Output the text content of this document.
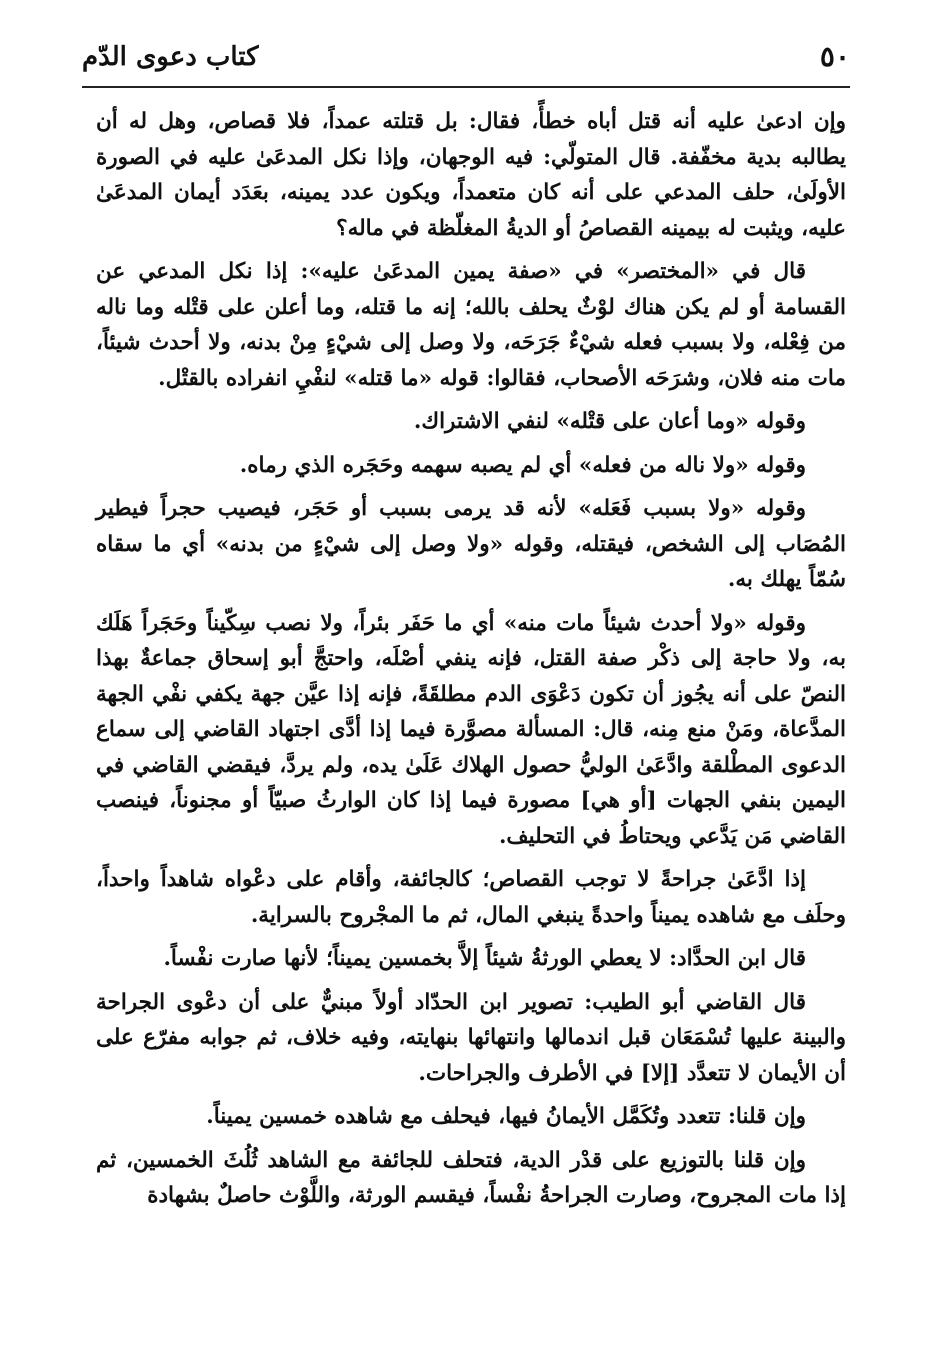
٥٠
كتاب دعوى الدّم

وإن ادعىٰ عليه أنه قتل أباه خطأً، فقال: بل قتلته عمداً، فلا قصاص، وهل له أن يطالبه بدية مخفّفة. قال المتولّي: فيه الوجهان، وإذا نكل المدعَىٰ عليه في الصورة الأولَىٰ، حلف المدعي على أنه كان متعمداً، ويكون عدد يمينه، بعَدَد أيمان المدعَىٰ عليه، ويثبت له بيمينه القصاصُ أو الديةُ المغلّظة في ماله؟

قال في «المختصر» في «صفة يمين المدعَىٰ عليه»: إذا نكل المدعي عن القسامة أو لم يكن هناك لوْثٌ يحلف بالله؛ إنه ما قتله، وما أعلن على قتْله وما ناله من فِعْله، ولا بسبب فعله شيْءٌ جَرَحَه، ولا وصل إلى شيْءٍ مِنْ بدنه، ولا أحدث شيئاً، مات منه فلان، وشرَحَه الأصحاب، فقالوا: قوله «ما قتله» لنفْيِ انفراده بالقتْل.

وقوله «وما أعان على قتْله» لنفي الاشتراك.

وقوله «ولا ناله من فعله» أي لم يصبه سهمه وحَجَره الذي رماه.

وقوله «ولا بسبب فَعَله» لأنه قد يرمى بسبب أو حَجَر، فيصيب حجراً فيطير المُصَاب إلى الشخص، فيقتله، وقوله «ولا وصل إلى شيْءٍ من بدنه» أي ما سقاه سُمّاً يهلك به.

وقوله «ولا أحدث شيئاً مات منه» أي ما حَفَر بئراً، ولا نصب سِكّيناً وحَجَراً هَلَك به، ولا حاجة إلى ذكْر صفة القتل، فإنه ينفي أصْلَه، واحتجَّ أبو إسحاق جماعةٌ بهذا النصّ على أنه يجُوز أن تكون دَعْوَى الدم مطلقَةً، فإنه إذا عيَّن جهة يكفي نفْي الجهة المدَّعاة، ومَنْ منع مِنه، قال: المسألة مصوَّرة فيما إذا أدَّى اجتهاد القاضي إلى سماع الدعوى المطْلقة وادَّعَىٰ الوليُّ حصول الهلاك عَلَىٰ يده، ولم يردَّ، فيقضي القاضي في اليمين بنفي الجهات [أو هي] مصورة فيما إذا كان الوارثُ صبيّاً أو مجنوناً، فينصب القاضي مَن يَدَّعي ويحتاطُ في التحليف.

إذا ادَّعَىٰ جراحةً لا توجب القصاص؛ كالجائفة، وأقام على دعْواه شاهداً واحداً، وحلَف مع شاهده يميناً واحدةً ينبغي المال، ثم ما المجْروح بالسراية.

قال ابن الحدَّاد: لا يعطي الورثةُ شيئاً إلاَّ بخمسين يميناً؛ لأنها صارت نفْساً.

قال القاضي أبو الطيب: تصوير ابن الحدّاد أولاً مبنيٌّ على أن دعْوى الجراحة والبينة عليها تُسْمَعَان قبل اندمالها وانتهائها بنهايته، وفيه خلاف، ثم جوابه مفرّع على أن الأيمان لا تتعدَّد [إلا] في الأطرف والجراحات.

وإن قلنا: تتعدد وتُكَمَّل الأيمانُ فيها، فيحلف مع شاهده خمسين يميناً.

وإن قلنا بالتوزيع على قدْر الدية، فتحلف للجائفة مع الشاهد ثُلُثَ الخمسين، ثم إذا مات المجروح، وصارت الجراحةُ نفْساً، فيقسم الورثة، واللَّوْث حاصلٌ بشهادة
